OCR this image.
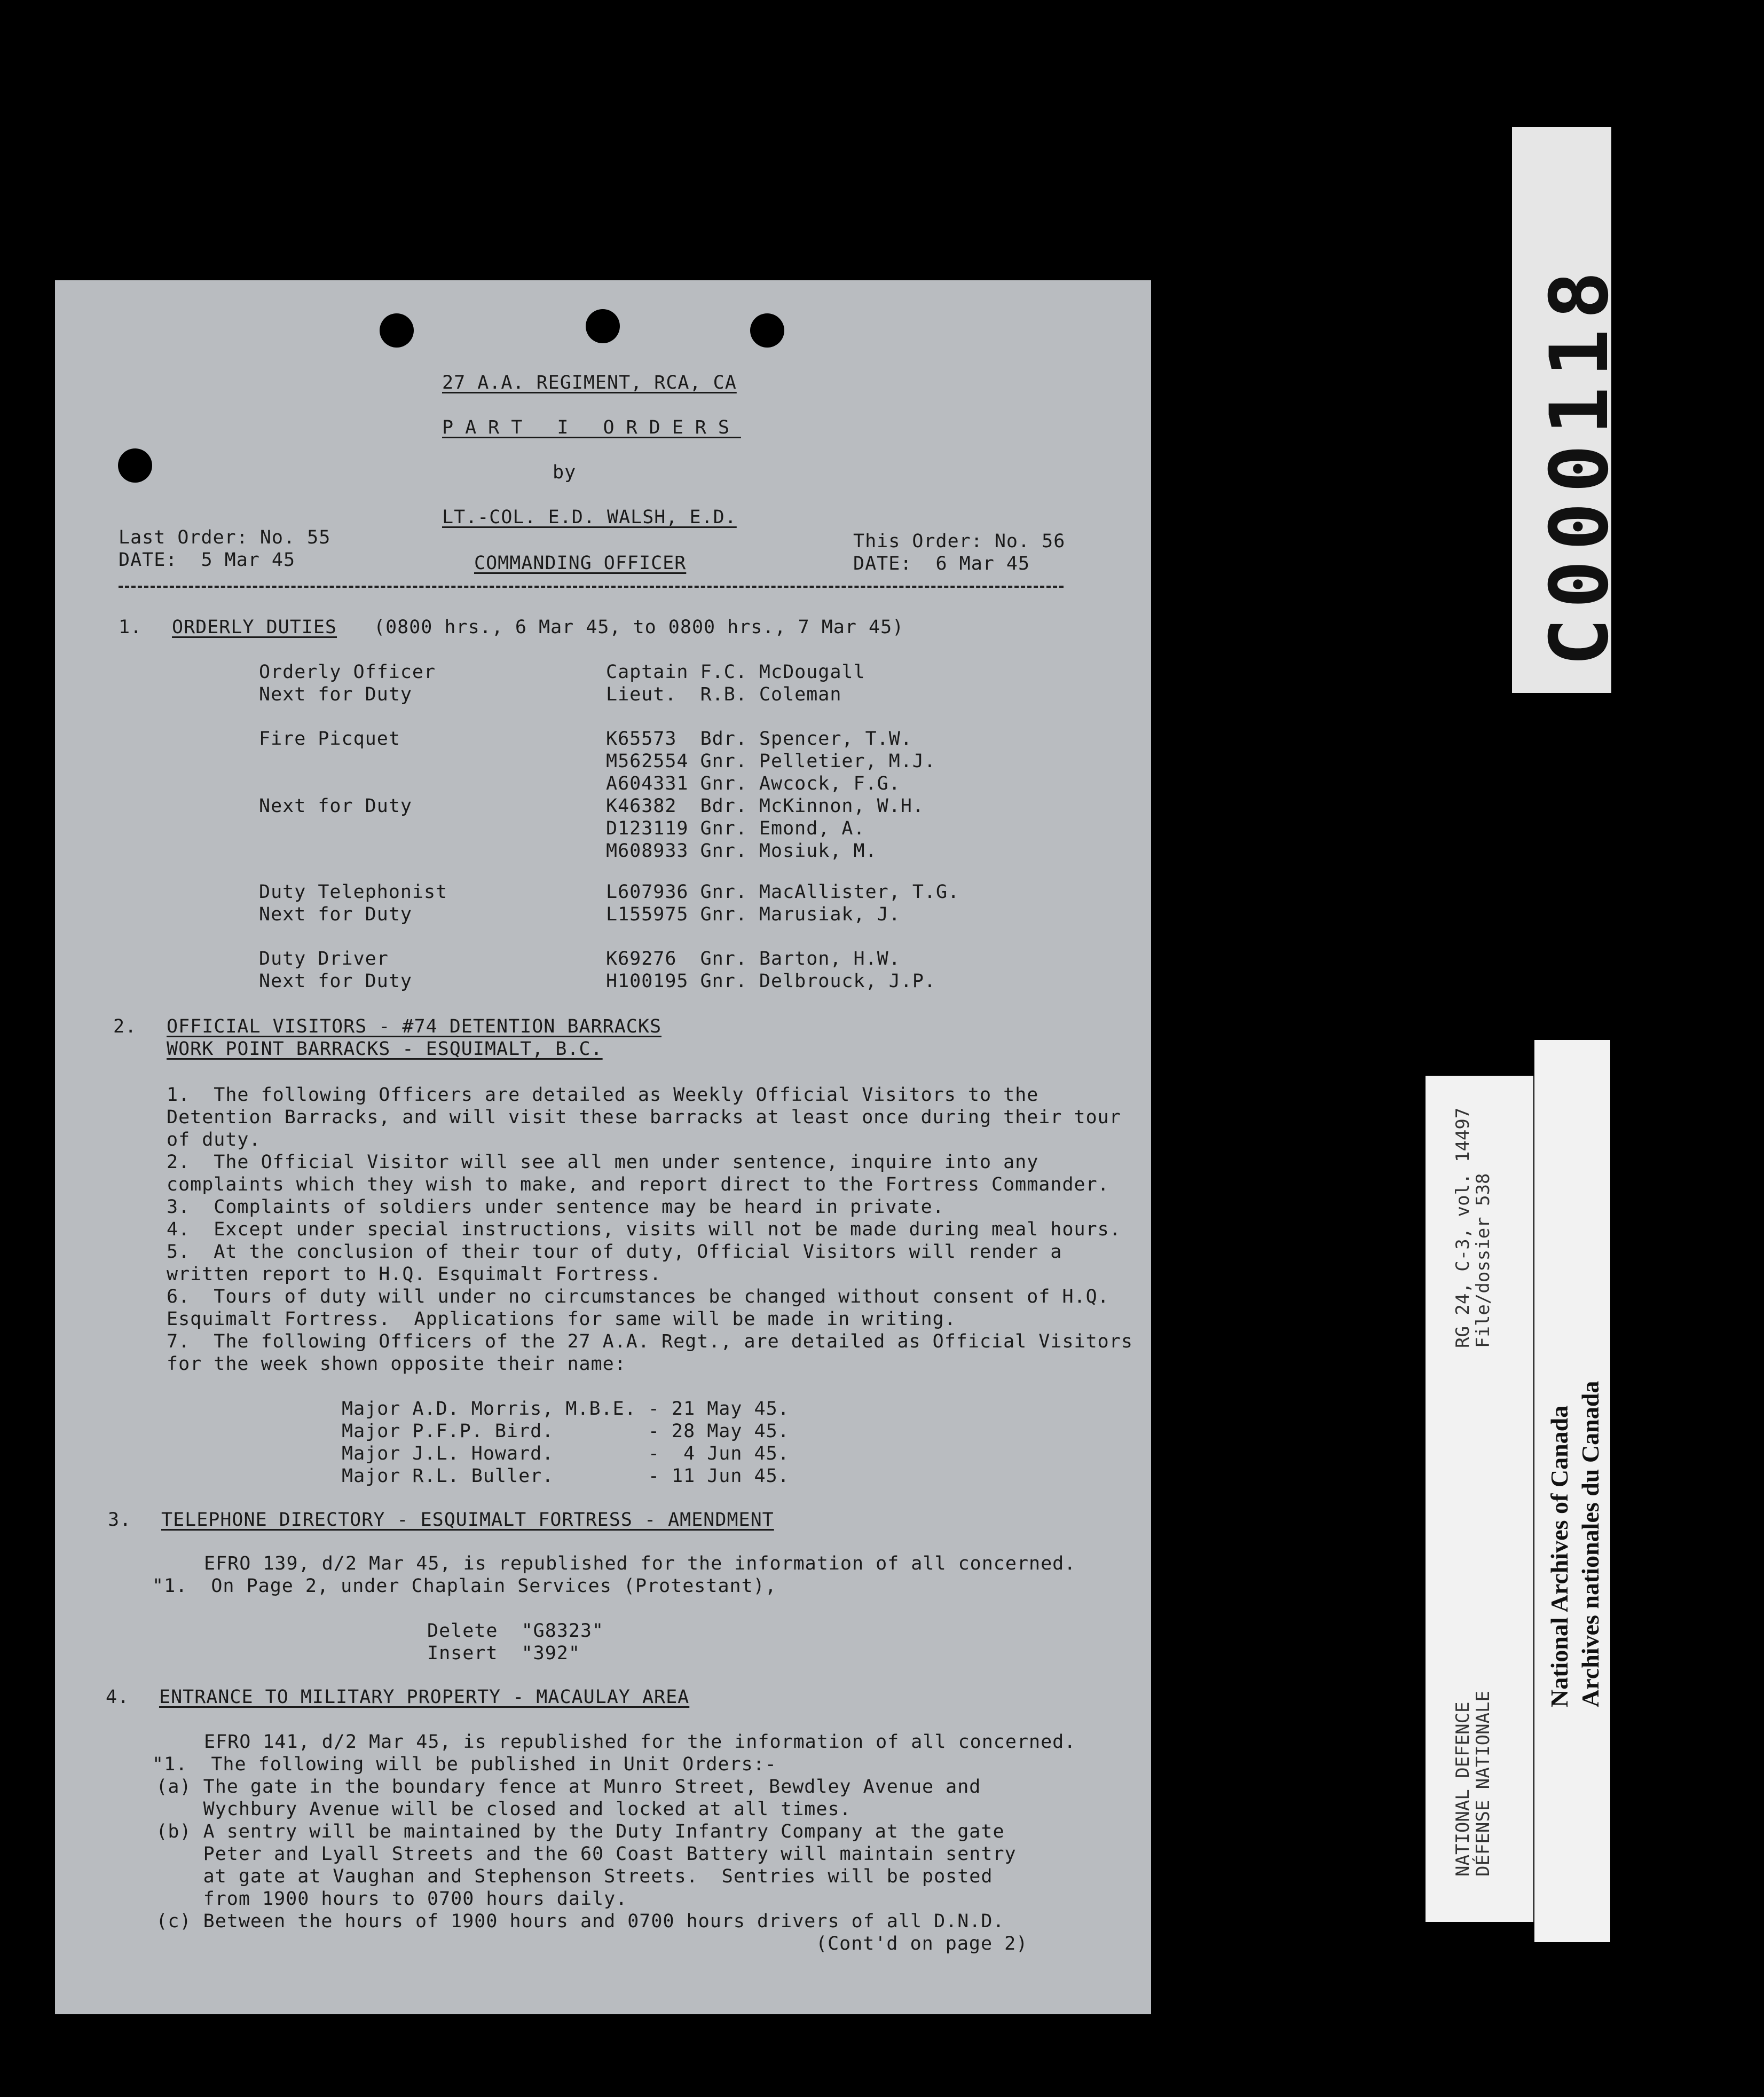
27 A.A. REGIMENT, RCA, CA
PART I ORDERS
by
LT.-COL. E.D. WALSH, E.D.
Last Order: No. 55
DATE:  5 Mar 45	COMMANDING OFFICER
This Order: No. 56
DATE:  6 Mar 45
1. ORDERLY DUTIES (0800 hrs., 6 Mar 45, to 0800 hrs., 7 Mar 45)
Orderly Officer	Captain F.C. McDougall
Next for Duty	Lieut.  R.B. Coleman
Fire Picquet	K65573  Bdr. Spencer, T.W.
M562554 Gnr. Pelletier, M.J.
A604331 Gnr. Awcock, F.G.
Next for Duty	K46382  Bdr. McKinnon, W.H.
D123119 Gnr. Emond, A.
M608933 Gnr. Mosiuk, M.
Duty Telephonist	L607936 Gnr. MacAllister, T.G.
Next for Duty	L155975 Gnr. Marusiak, J.
Duty Driver	K69276  Gnr. Barton, H.W.
Next for Duty	H100195 Gnr. Delbrouck, J.P.
2. OFFICIAL VISITORS - #74 DETENTION BARRACKS
WORK POINT BARRACKS - ESQUIMALT, B.C.
1.  The following Officers are detailed as Weekly Official Visitors to the
Detention Barracks, and will visit these barracks at least once during their tour
of duty.
2.  The Official Visitor will see all men under sentence, inquire into any
complaints which they wish to make, and report direct to the Fortress Commander.
3.  Complaints of soldiers under sentence may be heard in private.
4.  Except under special instructions, visits will not be made during meal hours.
5.  At the conclusion of their tour of duty, Official Visitors will render a
written report to H.Q. Esquimalt Fortress.
6.  Tours of duty will under no circumstances be changed without consent of H.Q.
Esquimalt Fortress.  Applications for same will be made in writing.
7.  The following Officers of the 27 A.A. Regt., are detailed as Official Visitors
for the week shown opposite their name:
Major A.D. Morris, M.B.E. - 21 May 45.
Major P.F.P. Bird.        - 28 May 45.
Major J.L. Howard.        -  4 Jun 45.
Major R.L. Buller.        - 11 Jun 45.
3. TELEPHONE DIRECTORY - ESQUIMALT FORTRESS - AMENDMENT
EFRO 139, d/2 Mar 45, is republished for the information of all concerned.
"1.  On Page 2, under Chaplain Services (Protestant),
Delete  "G8323"
Insert  "392"
4. ENTRANCE TO MILITARY PROPERTY - MACAULAY AREA
EFRO 141, d/2 Mar 45, is republished for the information of all concerned.
"1.  The following will be published in Unit Orders:-
(a) The gate in the boundary fence at Munro Street, Bewdley Avenue and
Wychbury Avenue will be closed and locked at all times.
(b) A sentry will be maintained by the Duty Infantry Company at the gate
Peter and Lyall Streets and the 60 Coast Battery will maintain sentry
at gate at Vaughan and Stephenson Streets.  Sentries will be posted
from 1900 hours to 0700 hours daily.
(c) Between the hours of 1900 hours and 0700 hours drivers of all D.N.D.
(Cont'd on page 2)
C000118
RG 24, C-3, vol. 14497
File/dossier 538
NATIONAL DEFENCE
DÉFENSE NATIONALE
National Archives of Canada Archives nationales du Canada
